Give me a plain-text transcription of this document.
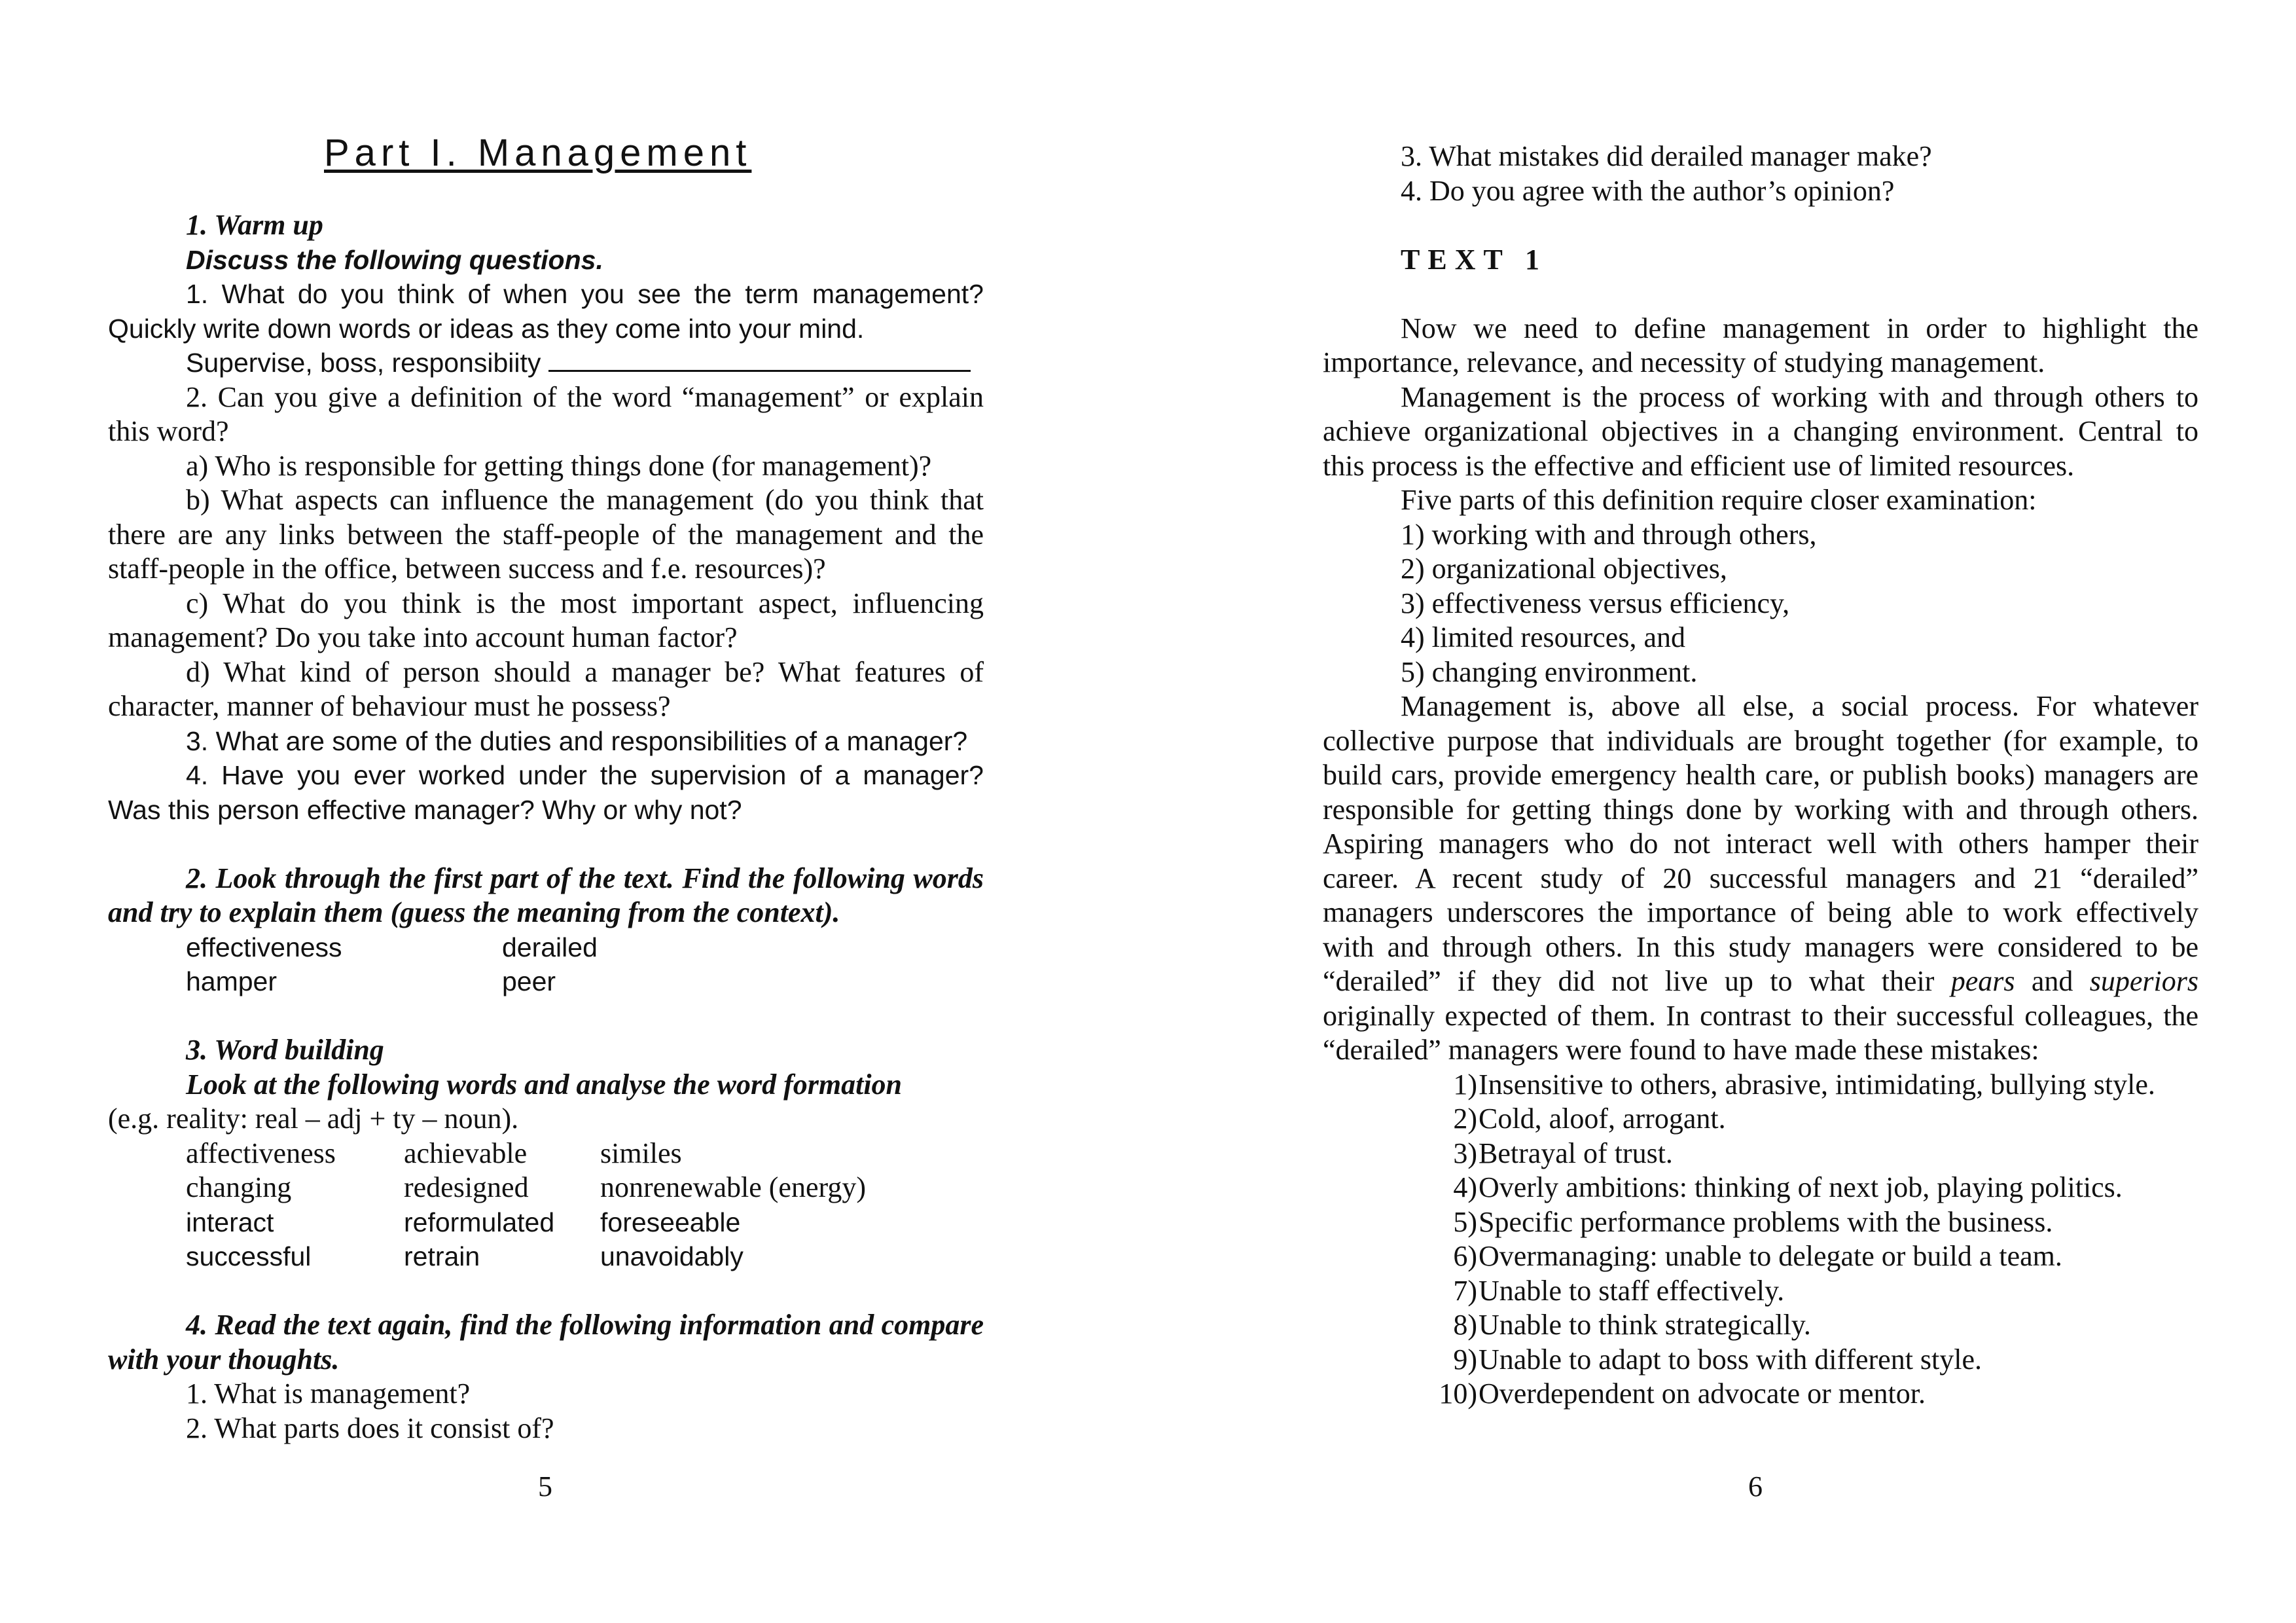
Part I. Management

1. Warm up

Discuss the following questions.

1. What do you think of when you see the term management? Quickly write down words or ideas as they come into your mind.

Supervise, boss, responsibiity

2. Can you give a definition of the word “management” or explain this word?

a) Who is responsible for getting things done (for management)?

b) What aspects can influence the management (do you think that there are any links between the staff-people of the management and the staff-people in the office, between success and f.e. resources)?

c) What do you think is the most important aspect, influencing management? Do you take into account human factor?

d) What kind of person should a manager be? What features of character, manner of behaviour must he possess?

3. What are some of the duties and responsibilities of a manager?

4. Have you ever worked under the supervision of a manager? Was this person effective manager? Why or why not?

2. Look through the first part of the text. Find the following words and try to explain them (guess the meaning from the context).

effectiveness	derailed
hamper	peer

3. Word building

Look at the following words and analyse the word formation

(e.g. reality: real – adj + ty – noun).

affectiveness	achievable	similes
changing	redesigned	nonrenewable (energy)
interact	reformulated	foreseeable
successful	retrain	unavoidably

4. Read the text again, find the following information and compare with your thoughts.

1. What is management?

2. What parts does it consist of?

5

3. What mistakes did derailed manager make?

4. Do you agree with the author’s opinion?

TEXT 1

Now we need to define management in order to highlight the importance, relevance, and necessity of studying management.

Management is the process of working with and through others to achieve organizational objectives in a changing environment. Central to this process is the effective and efficient use of limited resources.

Five parts of this definition require closer examination:

1) working with and through others,

2) organizational objectives,

3) effectiveness versus efficiency,

4) limited resources, and

5) changing environment.

Management is, above all else, a social process. For whatever collective purpose that individuals are brought together (for example, to build cars, provide emergency health care, or publish books) managers are responsible for getting things done by working with and through others. Aspiring managers who do not interact well with others hamper their career. A recent study of 20 successful managers and 21 “derailed” managers underscores the importance of being able to work effectively with and through others. In this study managers were considered to be “derailed” if they did not live up to what their pears and superiors originally expected of them. In contrast to their successful colleagues, the “derailed” managers were found to have made these mistakes:

1)Insensitive to others, abrasive, intimidating, bullying style.

2)Cold, aloof, arrogant.

3)Betrayal of trust.

4)Overly ambitions: thinking of next job, playing politics.

5)Specific performance problems with the business.

6)Overmanaging: unable to delegate or build a team.

7)Unable to staff effectively.

8)Unable to think strategically.

9)Unable to adapt to boss with different style.

10)Overdependent on advocate or mentor.

6
